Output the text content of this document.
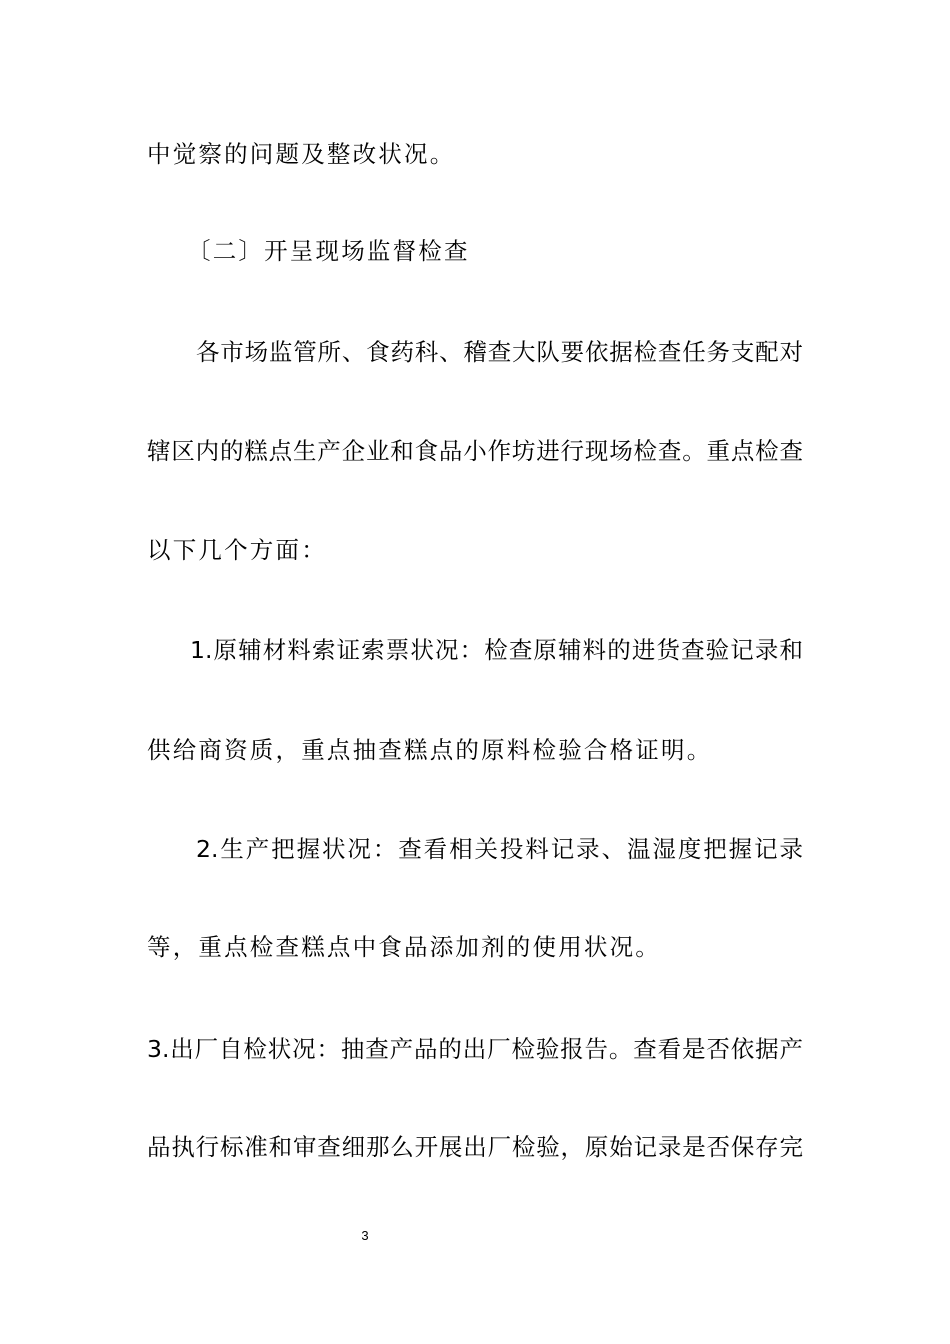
中觉察的问题及整改状况。
〔二〕开呈现场监督检查
各市场监管所、食药科、稽查大队要依据检查任务支配对
辖区内的糕点生产企业和食品小作坊进行现场检查。重点检查
以下几个方面：
1.原辅材料索证索票状况：检查原辅料的进货查验记录和
供给商资质，重点抽查糕点的原料检验合格证明。
2.生产把握状况：查看相关投料记录、温湿度把握记录
等，重点检查糕点中食品添加剂的使用状况。
3.出厂自检状况：抽查产品的出厂检验报告。查看是否依据产
品执行标准和审查细那么开展出厂检验，原始记录是否保存完
3
